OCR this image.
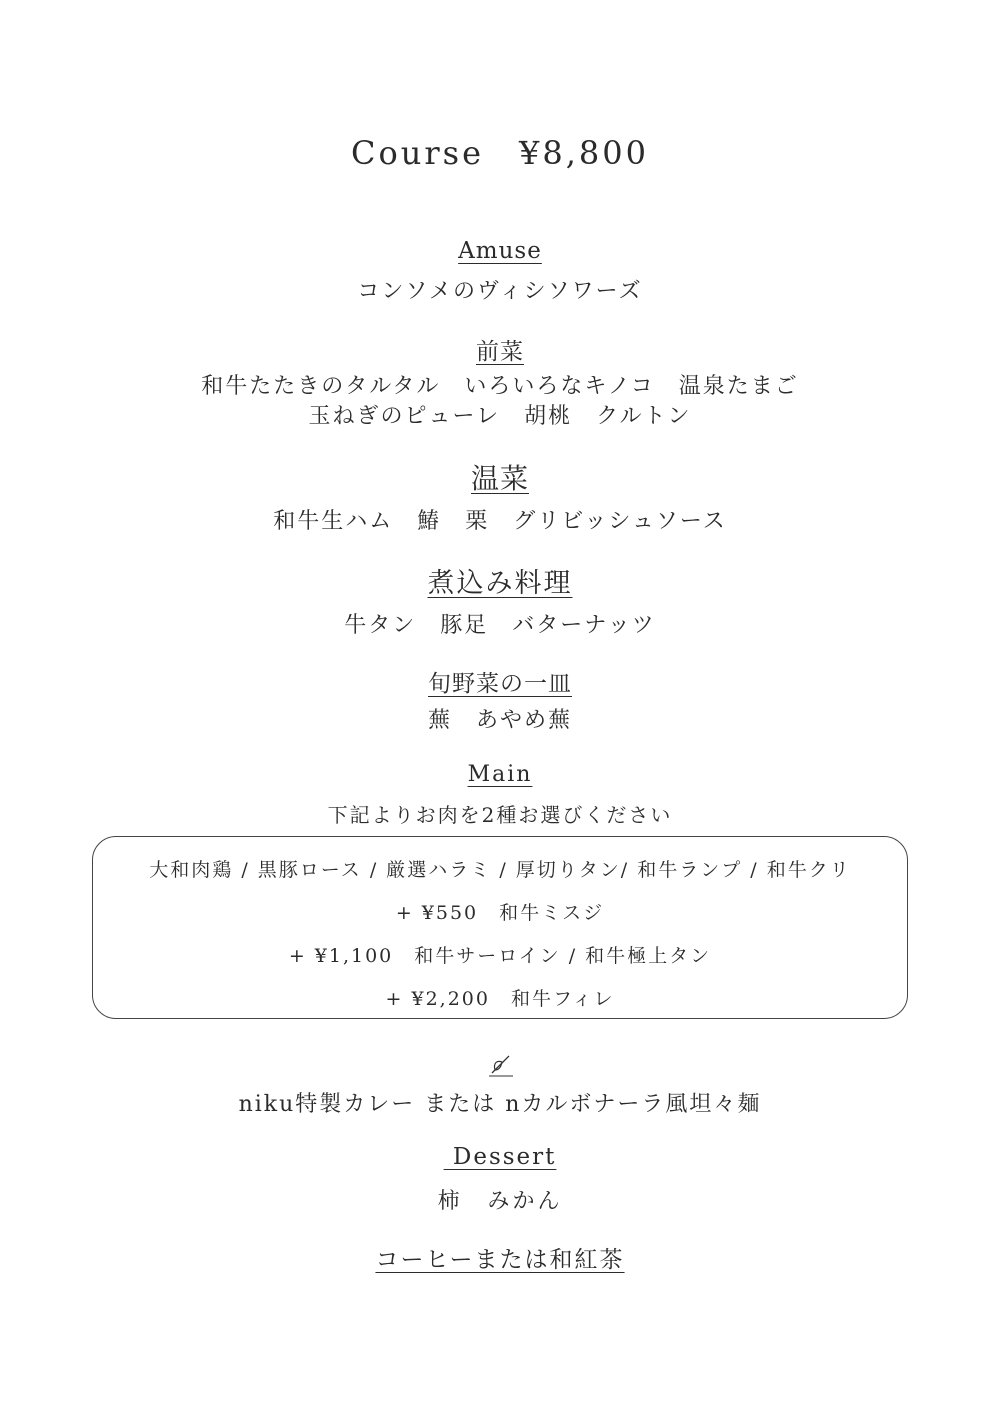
Course　¥8,800
Amuse
コンソメのヴィシソワーズ
前菜
和牛たたきのタルタル　いろいろなキノコ　温泉たまご
玉ねぎのピューレ　胡桃　クルトン
温菜
和牛生ハム　鰆　栗　グリビッシュソース
煮込み料理
牛タン　豚足　バターナッツ
旬野菜の一皿
蕪　あやめ蕪
Main
下記よりお肉を2種お選びください
大和肉鶏 / 黒豚ロース / 厳選ハラミ / 厚切りタン/ 和牛ランプ / 和牛クリ
+ ¥550　和牛ミスジ
+ ¥1,100　和牛サーロイン / 和牛極上タン
+ ¥2,200　和牛フィレ
niku特製カレー または nカルボナーラ風坦々麺
Dessert
柿　みかん
コーヒーまたは和紅茶
